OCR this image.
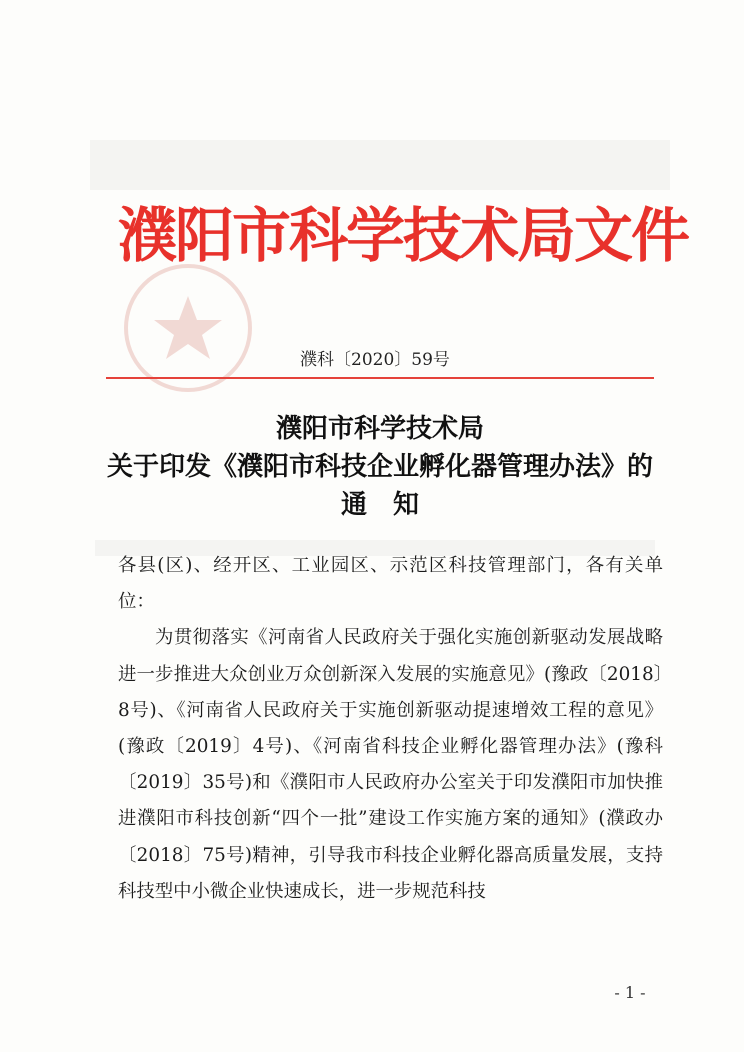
濮阳市科学技术局文件
濮科〔2020〕59号
濮阳市科学技术局
关于印发《濮阳市科技企业孵化器管理办法》的
通知

各县(区)、经开区、工业园区、示范区科技管理部门，各有关单位：

为贯彻落实《河南省人民政府关于强化实施创新驱动发展战略进一步推进大众创业万众创新深入发展的实施意见》(豫政〔2018〕8号)、《河南省人民政府关于实施创新驱动提速增效工程的意见》(豫政〔2019〕4号)、《河南省科技企业孵化器管理办法》(豫科〔2019〕35号)和《濮阳市人民政府办公室关于印发濮阳市加快推进濮阳市科技创新“四个一批”建设工作实施方案的通知》(濮政办〔2018〕75号)精神，引导我市科技企业孵化器高质量发展，支持科技型中小微企业快速成长，进一步规范科技

- 1 -
